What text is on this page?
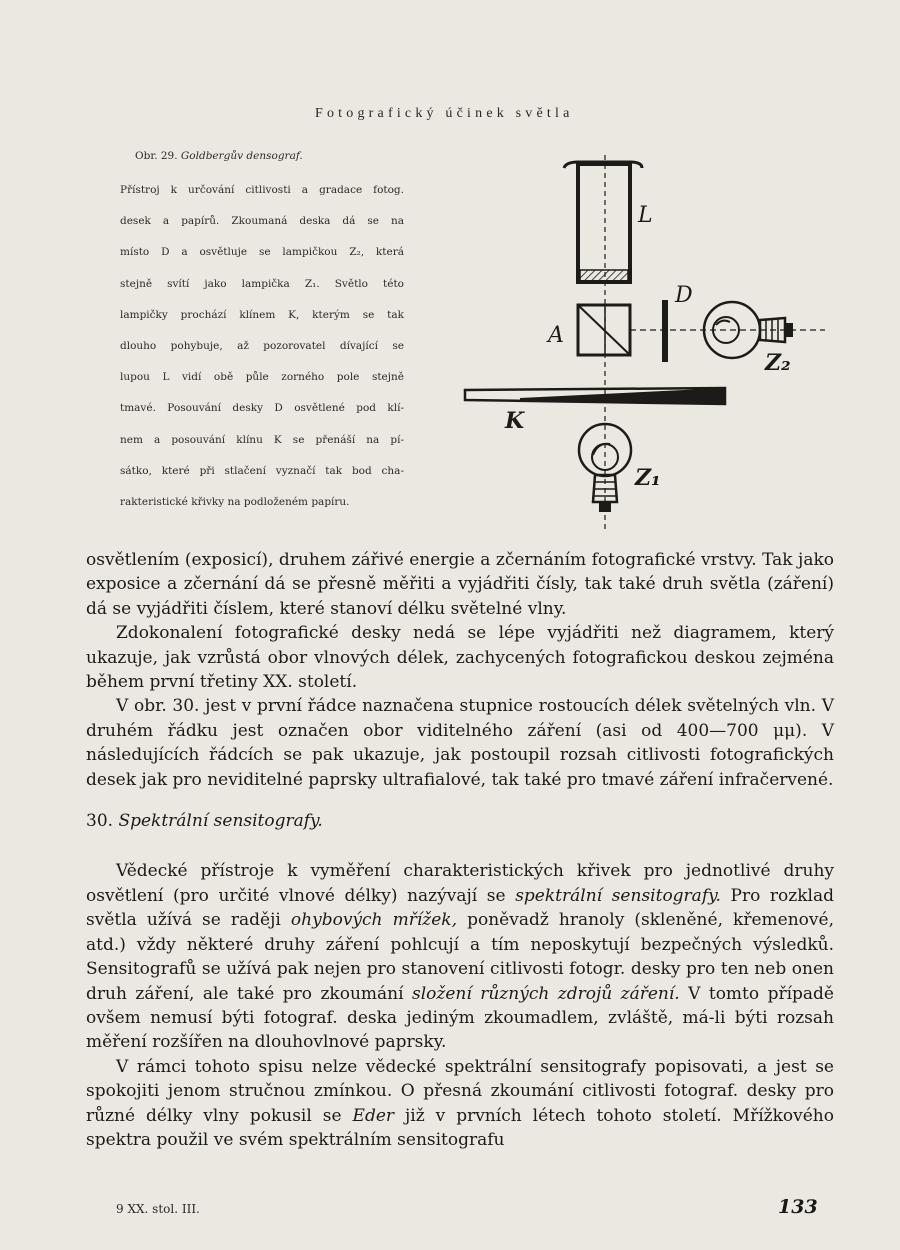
Fotografický účinek světla
Obr. 29. Goldbergův densograf.
Přístroj k určování citlivosti a gradace fotog.
desek a papírů. Zkoumaná deska dá se na
místo D a osvětluje se lampičkou Z₂, která
stejně svítí jako lampička Z₁. Světlo této
lampičky prochází klínem K, kterým se tak
dlouho pohybuje, až pozorovatel dívající se
lupou L vidí obě půle zorného pole stejně
tmavé. Posouvání desky D osvětlené pod klí-
nem a posouvání klínu K se přenáší na pí-
sátko, které při stlačení vyznačí tak bod cha-
rakteristické křivky na podloženém papíru.
L
A
D
Z₂
K
Z₁

osvětlením (exposicí), druhem zářivé energie a zčernáním fotografické vrstvy. Tak jako exposice a zčernání dá se přesně měřiti a vyjádřiti čísly, tak také druh světla (záření) dá se vyjádřiti číslem, které stanoví délku světelné vlny.

Zdokonalení fotografické desky nedá se lépe vyjádřiti než diagramem, který ukazuje, jak vzrůstá obor vlnových délek, zachycených fotografickou deskou zejména během první třetiny XX. století.

V obr. 30. jest v první řádce naznačena stupnice rostoucích délek světelných vln. V druhém řádku jest označen obor viditelného záření (asi od 400—700 μμ). V následujících řádcích se pak ukazuje, jak postoupil rozsah citlivosti fotografických desek jak pro neviditelné paprsky ultrafialové, tak také pro tmavé záření infračervené.

30. Spektrální sensitografy.

Vědecké přístroje k vyměření charakteristických křivek pro jednotlivé druhy osvětlení (pro určité vlnové délky) nazývají se spektrální sensitografy. Pro rozklad světla užívá se raději ohybových mřížek, poněvadž hranoly (skleněné, křemenové, atd.) vždy některé druhy záření pohlcují a tím neposkytují bezpečných výsledků. Sensitografů se užívá pak nejen pro stanovení citlivosti fotogr. desky pro ten neb onen druh záření, ale také pro zkoumání složení různých zdrojů záření. V tomto případě ovšem nemusí býti fotograf. deska jediným zkoumadlem, zvláště, má-li býti rozsah měření rozšířen na dlouhovlnové paprsky.

V rámci tohoto spisu nelze vědecké spektrální sensitografy popisovati, a jest se spokojiti jenom stručnou zmínkou. O přesná zkoumání citlivosti fotograf. desky pro různé délky vlny pokusil se Eder již v prvních létech tohoto století. Mřížkového spektra použil ve svém spektrálním sensitografu

9 XX. stol. III.	133
